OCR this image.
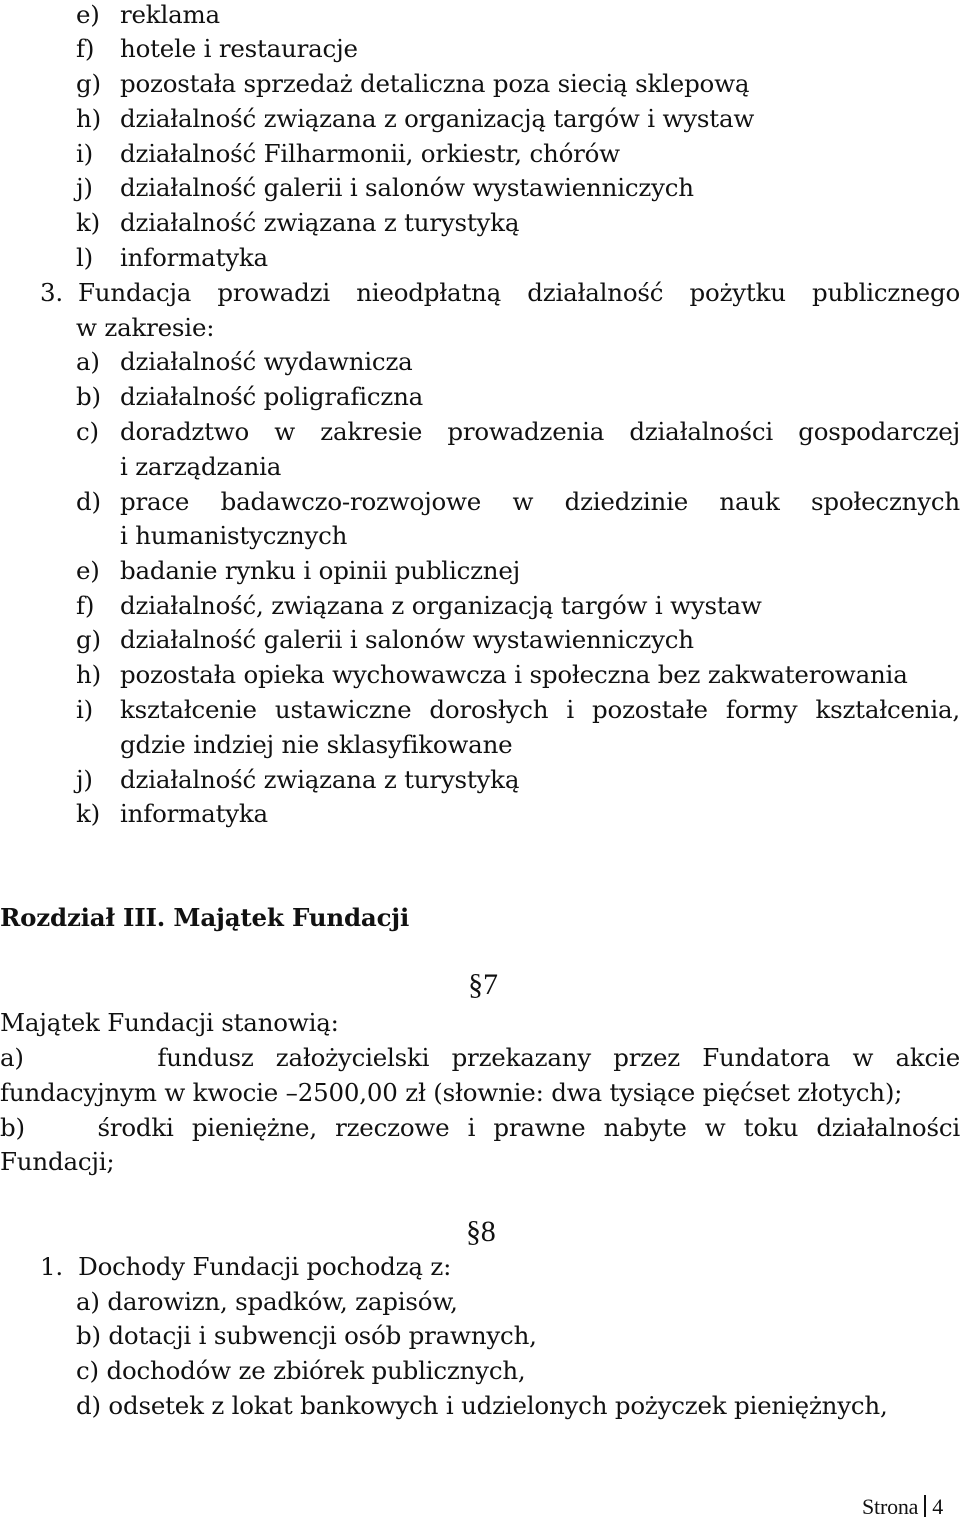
e) reklama
f) hotele i restauracje
g) pozostała sprzedaż detaliczna poza siecią sklepową
h) działalność związana z organizacją targów i wystaw
i) działalność Filharmonii, orkiestr, chórów
j) działalność galerii i salonów wystawienniczych
k) działalność związana z turystyką
l) informatyka
3. Fundacja prowadzi nieodpłatną działalność pożytku publicznego
w zakresie:
a) działalność wydawnicza
b) działalność poligraficzna
c) doradztwo w zakresie prowadzenia działalności gospodarczej
i zarządzania
d) prace badawczo-rozwojowe w dziedzinie nauk społecznych
i humanistycznych
e) badanie rynku i opinii publicznej
f) działalność, związana z organizacją targów i wystaw
g) działalność galerii i salonów wystawienniczych
h) pozostała opieka wychowawcza i społeczna bez zakwaterowania
i) kształcenie ustawiczne dorosłych i pozostałe formy kształcenia,
gdzie indziej nie sklasyfikowane
j) działalność związana z turystyką
k) informatyka
Rozdział III. Majątek Fundacji
 §7
Majątek Fundacji stanowią:
a)      fundusz założycielski przekazany przez Fundatora w akcie
fundacyjnym w kwocie –2500,00 zł (słownie: dwa tysiące pięćset złotych);
b)    środki pieniężne, rzeczowe i prawne nabyte w toku działalności
Fundacji;
§8
1.  Dochody Fundacji pochodzą z:
a) darowizn, spadków, zapisów,
b) dotacji i subwencji osób prawnych,
c) dochodów ze zbiórek publicznych,
d) odsetek z lokat bankowych i udzielonych pożyczek pieniężnych,
Strona 4
